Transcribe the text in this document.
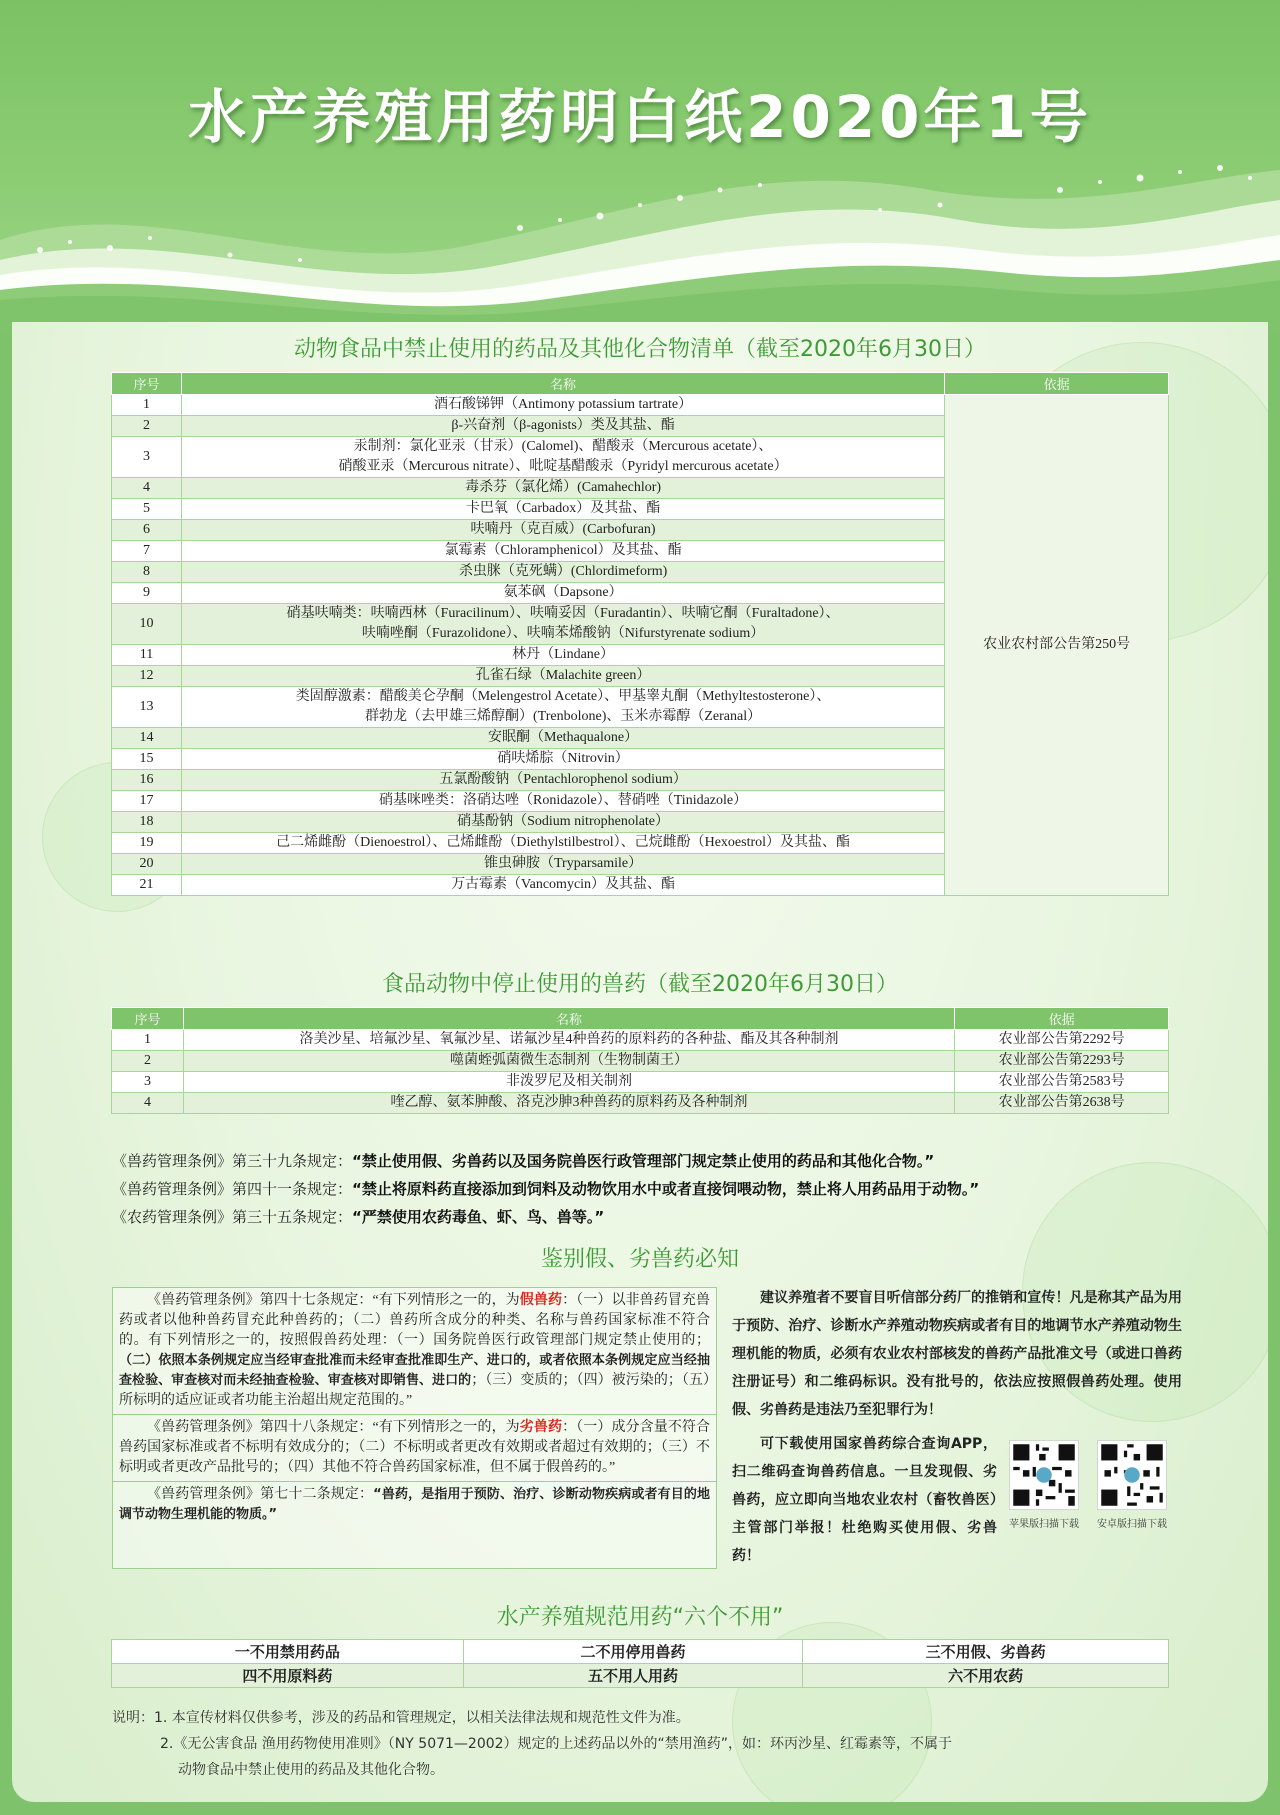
水产养殖用药明白纸2020年1号
动物食品中禁止使用的药品及其他化合物清单（截至2020年6月30日）
序号	名称	依据
1	酒石酸锑钾（Antimony potassium tartrate）	农业农村部公告第250号
2	β-兴奋剂（β-agonists）类及其盐、酯	

3	汞制剂：氯化亚汞（甘汞）(Calomel)、醋酸汞（Mercurous acetate）、
硝酸亚汞（Mercurous nitrate）、吡啶基醋酸汞（Pyridyl mercurous acetate）	

4	毒杀芬（氯化烯）(Camahechlor)	

5	卡巴氧（Carbadox）及其盐、酯	

6	呋喃丹（克百威）(Carbofuran)	

7	氯霉素（Chloramphenicol）及其盐、酯	

8	杀虫脒（克死螨）(Chlordimeform)	

9	氨苯砜（Dapsone）	

10	硝基呋喃类：呋喃西林（Furacilinum）、呋喃妥因（Furadantin）、呋喃它酮（Furaltadone）、
呋喃唑酮（Furazolidone）、呋喃苯烯酸钠（Nifurstyrenate sodium）	

11	林丹（Lindane）	

12	孔雀石绿（Malachite green）	

13	类固醇激素：醋酸美仑孕酮（Melengestrol Acetate）、甲基睾丸酮（Methyltestosterone）、
群勃龙（去甲雄三烯醇酮）(Trenbolone)、玉米赤霉醇（Zeranal）	

14	安眠酮（Methaqualone）	

15	硝呋烯腙（Nitrovin）	

16	五氯酚酸钠（Pentachlorophenol sodium）	

17	硝基咪唑类：洛硝达唑（Ronidazole）、替硝唑（Tinidazole）	

18	硝基酚钠（Sodium nitrophenolate）	

19	己二烯雌酚（Dienoestrol）、己烯雌酚（Diethylstilbestrol）、己烷雌酚（Hexoestrol）及其盐、酯	

20	锥虫砷胺（Tryparsamile）	

21	万古霉素（Vancomycin）及其盐、酯	
食品动物中停止使用的兽药（截至2020年6月30日）
序号	名称	依据
1	洛美沙星、培氟沙星、氧氟沙星、诺氟沙星4种兽药的原料药的各种盐、酯及其各种制剂	农业部公告第2292号
2	噬菌蛭弧菌微生态制剂（生物制菌王）	农业部公告第2293号
3	非泼罗尼及相关制剂	农业部公告第2583号
4	喹乙醇、氨苯胂酸、洛克沙胂3种兽药的原料药及各种制剂	农业部公告第2638号
《兽药管理条例》第三十九条规定：“禁止使用假、劣兽药以及国务院兽医行政管理部门规定禁止使用的药品和其他化合物。”
《兽药管理条例》第四十一条规定：“禁止将原料药直接添加到饲料及动物饮用水中或者直接饲喂动物，禁止将人用药品用于动物。”
《农药管理条例》第三十五条规定：“严禁使用农药毒鱼、虾、鸟、兽等。”
鉴别假、劣兽药必知
《兽药管理条例》第四十七条规定：“有下列情形之一的，为假兽药：（一）以非兽药冒充兽药或者以他种兽药冒充此种兽药的；（二）兽药所含成分的种类、名称与兽药国家标准不符合的。有下列情形之一的，按照假兽药处理：（一）国务院兽医行政管理部门规定禁止使用的；（二）依照本条例规定应当经审查批准而未经审查批准即生产、进口的，或者依照本条例规定应当经抽查检验、审查核对而未经抽查检验、审查核对即销售、进口的；（三）变质的；（四）被污染的；（五）所标明的适应证或者功能主治超出规定范围的。”
《兽药管理条例》第四十八条规定：“有下列情形之一的，为劣兽药：（一）成分含量不符合兽药国家标准或者不标明有效成分的；（二）不标明或者更改有效期或者超过有效期的；（三）不标明或者更改产品批号的；（四）其他不符合兽药国家标准，但不属于假兽药的。”
《兽药管理条例》第七十二条规定：“兽药，是指用于预防、治疗、诊断动物疾病或者有目的地调节动物生理机能的物质。”
建议养殖者不要盲目听信部分药厂的推销和宣传！凡是称其产品为用于预防、治疗、诊断水产养殖动物疾病或者有目的地调节水产养殖动物生理机能的物质，必须有农业农村部核发的兽药产品批准文号（或进口兽药注册证号）和二维码标识。没有批号的，依法应按照假兽药处理。使用假、劣兽药是违法乃至犯罪行为！
可下载使用国家兽药综合查询APP，扫二维码查询兽药信息。一旦发现假、劣兽药，应立即向当地农业农村（畜牧兽医）主管部门举报！杜绝购买使用假、劣兽药！
苹果版扫描下载	安卓版扫描下载
水产养殖规范用药“六个不用”
一不用禁用药品	二不用停用兽药	三不用假、劣兽药
四不用原料药	五不用人用药	六不用农药
说明：1. 本宣传材料仅供参考，涉及的药品和管理规定，以相关法律法规和规范性文件为准。
2.《无公害食品 渔用药物使用准则》（NY 5071—2002）规定的上述药品以外的“禁用渔药”，如：环丙沙星、红霉素等，不属于
动物食品中禁止使用的药品及其他化合物。
